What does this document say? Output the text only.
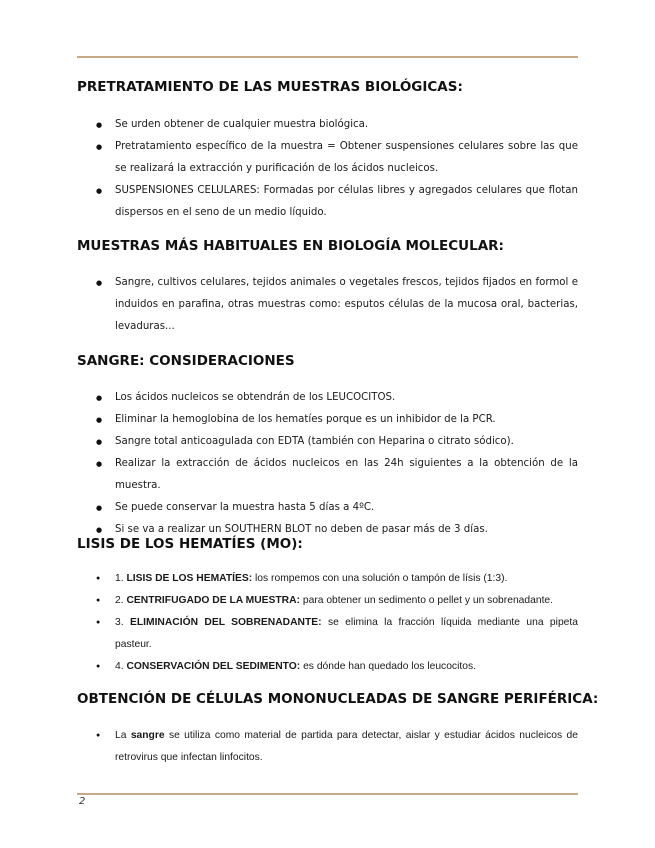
PRETRATAMIENTO DE LAS MUESTRAS BIOLÓGICAS:
● Se urden obtener de cualquier muestra biológica.
● Pretratamiento específico de la muestra = Obtener suspensiones celulares sobre las que se realizará la extracción y purificación de los ácidos nucleicos.
● SUSPENSIONES CELULARES: Formadas por células libres y agregados celulares que flotan dispersos en el seno de un medio líquido.
MUESTRAS MÁS HABITUALES EN BIOLOGÍA MOLECULAR:
● Sangre, cultivos celulares, tejidos animales o vegetales frescos, tejidos fijados en formol e induidos en parafina, otras muestras como: esputos células de la mucosa oral, bacterias, levaduras...
SANGRE: CONSIDERACIONES
● Los ácidos nucleicos se obtendrán de los LEUCOCITOS.
● Eliminar la hemoglobina de los hematíes porque es un inhibidor de la PCR.
● Sangre total anticoagulada con EDTA (también con Heparina o citrato sódico).
● Realizar la extracción de ácidos nucleicos en las 24h siguientes a la obtención de la muestra.
● Se puede conservar la muestra hasta 5 días a 4ºC.
● Si se va a realizar un SOUTHERN BLOT no deben de pasar más de 3 días.
LISIS DE LOS HEMATÍES (MO):
● 1. LISIS DE LOS HEMATÍES: los rompemos con una solución o tampón de lísis (1:3).
● 2. CENTRIFUGADO DE LA MUESTRA: para obtener un sedimento o pellet y un sobrenadante.
● 3. ELIMINACIÓN DEL SOBRENADANTE: se elimina la fracción líquida mediante una pipeta pasteur.
● 4. CONSERVACIÓN DEL SEDIMENTO: es dónde han quedado los leucocitos.
OBTENCIÓN DE CÉLULAS MONONUCLEADAS DE SANGRE PERIFÉRICA:
● La sangre se utiliza como material de partida para detectar, aislar y estudiar ácidos nucleicos de retrovirus que infectan linfocitos.
2
